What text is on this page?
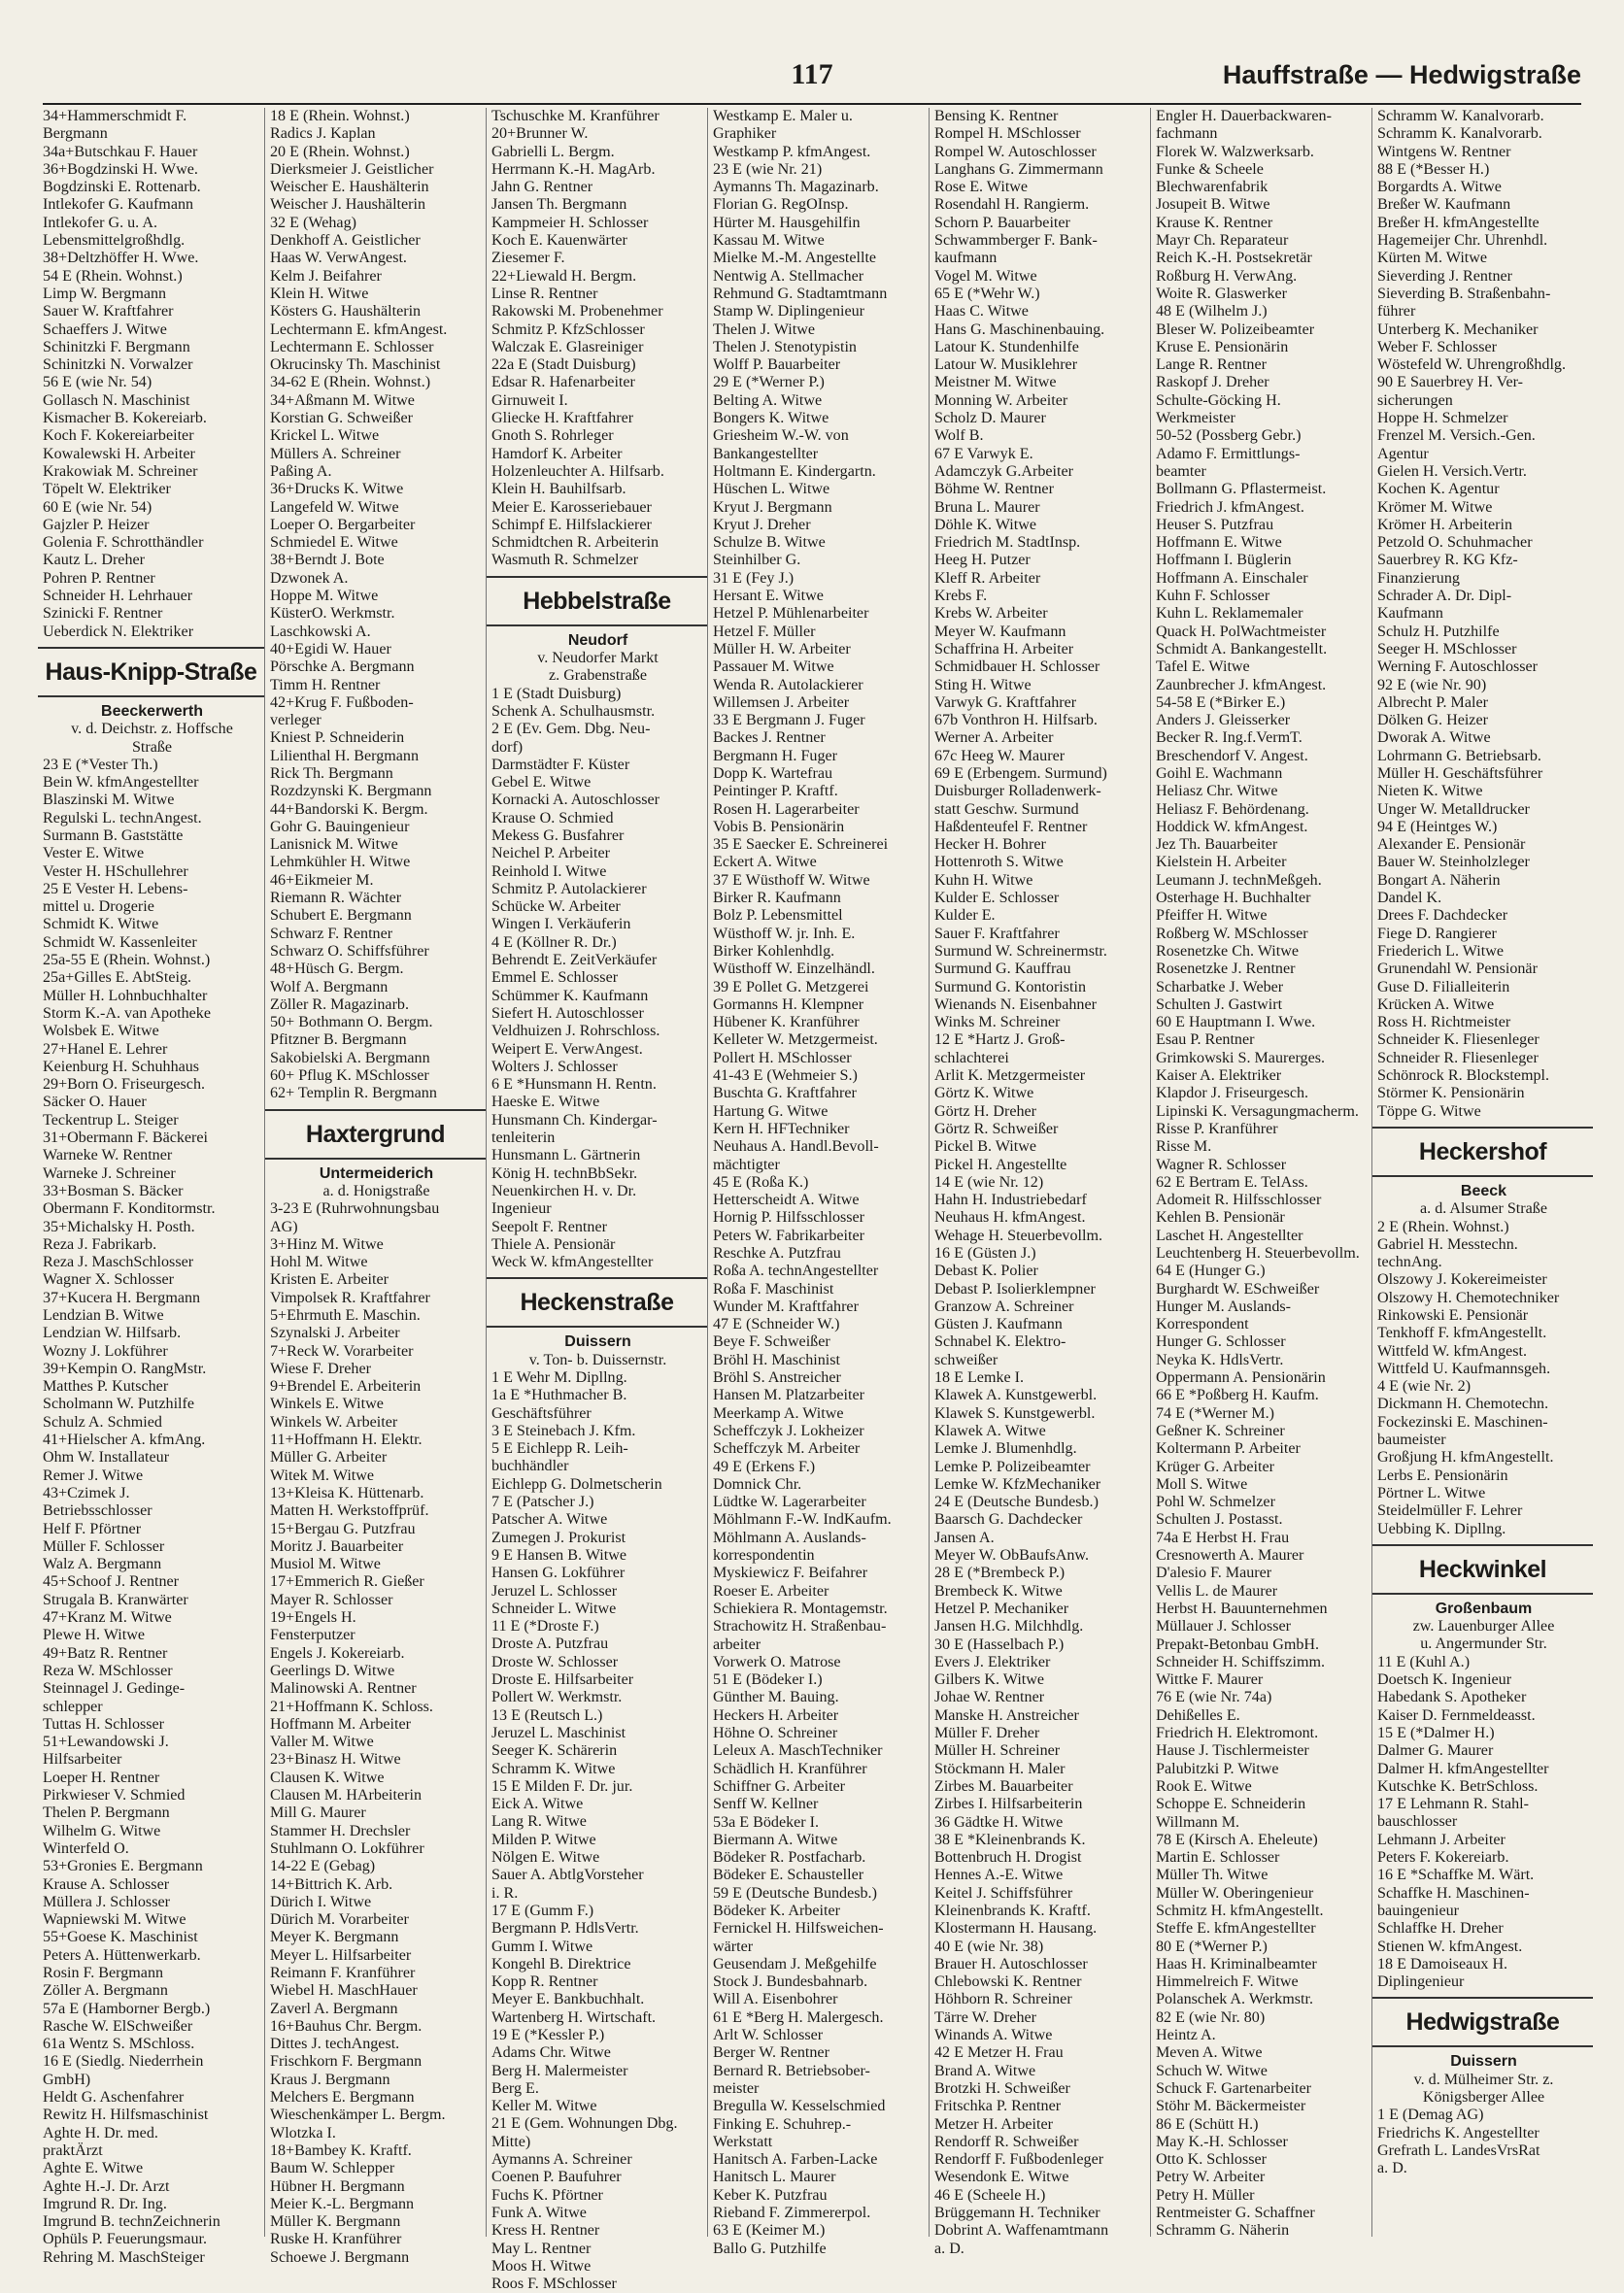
117	Hauffstraße — Hedwigstraße
34+Hammerschmidt F.
Bergmann
34a+Butschkau F. Hauer
36+Bogdzinski H. Wwe.
Bogdzinski E. Rottenarb.
Intlekofer G. Kaufmann
Intlekofer G. u. A.
Lebensmittelgroßhdlg.
38+Deltzhöffer H. Wwe.
54 E (Rhein. Wohnst.)
Limp W. Bergmann
Sauer W. Kraftfahrer
Schaeffers J. Witwe
Schinitzki F. Bergmann
Schinitzki N. Vorwalzer
56 E (wie Nr. 54)
Gollasch N. Maschinist
Kismacher B. Kokereiarb.
Koch F. Kokereiarbeiter
Kowalewski H. Arbeiter
Krakowiak M. Schreiner
Töpelt W. Elektriker
60 E (wie Nr. 54)
Gajzler P. Heizer
Golenia F. Schrotthändler
Kautz L. Dreher
Pohren P. Rentner
Schneider H. Lehrhauer
Szinicki F. Rentner
Ueberdick N. Elektriker
Haus-Knipp-Straße
Beeckerwerth
v. d. Deichstr. z. Hoffsche
Straße
23 E (*Vester Th.)
Bein W. kfmAngestellter
Blaszinski M. Witwe
Regulski L. technAngest.
Surmann B. Gaststätte
Vester E. Witwe
Vester H. HSchullehrer
25 E Vester H. Lebens-
mittel u. Drogerie
Schmidt K. Witwe
Schmidt W. Kassenleiter
25a-55 E (Rhein. Wohnst.)
25a+Gilles E. AbtSteig.
Müller H. Lohnbuchhalter
Storm K.-A. van Apotheke
Wolsbek E. Witwe
27+Hanel E. Lehrer
Keienburg H. Schuhhaus
29+Born O. Friseurgesch.
Säcker O. Hauer
Teckentrup L. Steiger
31+Obermann F. Bäckerei
Warneke W. Rentner
Warneke J. Schreiner
33+Bosman S. Bäcker
Obermann F. Konditormstr.
35+Michalsky H. Posth.
Reza J. Fabrikarb.
Reza J. MaschSchlosser
Wagner X. Schlosser
37+Kucera H. Bergmann
Lendzian B. Witwe
Lendzian W. Hilfsarb.
Wozny J. Lokführer
39+Kempin O. RangMstr.
Matthes P. Kutscher
Scholmann W. Putzhilfe
Schulz A. Schmied
41+Hielscher A. kfmAng.
Ohm W. Installateur
Remer J. Witwe
43+Czimek J.
Betriebsschlosser
Helf F. Pförtner
Müller F. Schlosser
Walz A. Bergmann
45+Schoof J. Rentner
Strugala B. Kranwärter
47+Kranz M. Witwe
Plewe H. Witwe
49+Batz R. Rentner
Reza W. MSchlosser
Steinnagel J. Gedinge-
schlepper
Tuttas H. Schlosser
51+Lewandowski J.
Hilfsarbeiter
Loeper H. Rentner
Pirkwieser V. Schmied
Thelen P. Bergmann
Wilhelm G. Witwe
Winterfeld O.
53+Gronies E. Bergmann
Krause A. Schlosser
Müllera J. Schlosser
Wapniewski M. Witwe
55+Goese K. Maschinist
Peters A. Hüttenwerkarb.
Rosin F. Bergmann
Zöller A. Bergmann
57a E (Hamborner Bergb.)
Rasche W. ElSchweißer
61a Wentz S. MSchloss.
16 E (Siedlg. Niederrhein
GmbH)
Heldt G. Aschenfahrer
Rewitz H. Hilfsmaschinist
Aghte H. Dr. med.
praktÄrzt
Aghte E. Witwe
Aghte H.-J. Dr. Arzt
Imgrund R. Dr. Ing.
Imgrund B. technZeichnerin
Ophüls P. Feuerungsmaur.
Rehring M. MaschSteiger
18 E (Rhein. Wohnst.)
Radics J. Kaplan
20 E (Rhein. Wohnst.)
Dierksmeier J. Geistlicher
Weischer E. Haushälterin
Weischer J. Haushälterin
32 E (Wehag)
Denkhoff A. Geistlicher
Haas W. VerwAngest.
Kelm J. Beifahrer
Klein H. Witwe
Kösters G. Haushälterin
Lechtermann E. kfmAngest.
Lechtermann E. Schlosser
Okrucinsky Th. Maschinist
34-62 E (Rhein. Wohnst.)
34+Aßmann M. Witwe
Korstian G. Schweißer
Krickel L. Witwe
Müllers A. Schreiner
Paßing A.
36+Drucks K. Witwe
Langefeld W. Witwe
Loeper O. Bergarbeiter
Schmiedel E. Witwe
38+Berndt J. Bote
Dzwonek A.
Hoppe M. Witwe
KüsterO. Werkmstr.
Laschkowski A.
40+Egidi W. Hauer
Pörschke A. Bergmann
Timm H. Rentner
42+Krug F. Fußboden-
verleger
Kniest P. Schneiderin
Lilienthal H. Bergmann
Rick Th. Bergmann
Rozdzynski K. Bergmann
44+Bandorski K. Bergm.
Gohr G. Bauingenieur
Lanisnick M. Witwe
Lehmkühler H. Witwe
46+Eikmeier M.
Riemann R. Wächter
Schubert E. Bergmann
Schwarz F. Rentner
Schwarz O. Schiffsführer
48+Hüsch G. Bergm.
Wolf A. Bergmann
Zöller R. Magazinarb.
50+ Bothmann O. Bergm.
Pfitzner B. Bergmann
Sakobielski A. Bergmann
60+ Pflug K. MSchlosser
62+ Templin R. Bergmann
Haxtergrund
Untermeiderich
a. d. Honigstraße
3-23 E (Ruhrwohnungsbau
AG)
3+Hinz M. Witwe
Hohl M. Witwe
Kristen E. Arbeiter
Vimpolsek R. Kraftfahrer
5+Ehrmuth E. Maschin.
Szynalski J. Arbeiter
7+Reck W. Vorarbeiter
Wiese F. Dreher
9+Brendel E. Arbeiterin
Winkels E. Witwe
Winkels W. Arbeiter
11+Hoffmann H. Elektr.
Müller G. Arbeiter
Witek M. Witwe
13+Kleisa K. Hüttenarb.
Matten H. Werkstoffprüf.
15+Bergau G. Putzfrau
Moritz J. Bauarbeiter
Musiol M. Witwe
17+Emmerich R. Gießer
Mayer R. Schlosser
19+Engels H.
Fensterputzer
Engels J. Kokereiarb.
Geerlings D. Witwe
Malinowski A. Rentner
21+Hoffmann K. Schloss.
Hoffmann M. Arbeiter
Valler M. Witwe
23+Binasz H. Witwe
Clausen K. Witwe
Clausen M. HArbeiterin
Mill G. Maurer
Stammer H. Drechsler
Stuhlmann O. Lokführer
14-22 E (Gebag)
14+Bittrich K. Arb.
Dürich I. Witwe
Dürich M. Vorarbeiter
Meyer K. Bergmann
Meyer L. Hilfsarbeiter
Reimann F. Kranführer
Wiebel H. MaschHauer
Zaverl A. Bergmann
16+Bauhus Chr. Bergm.
Dittes J. techAngest.
Frischkorn F. Bergmann
Kraus J. Bergmann
Melchers E. Bergmann
Wieschenkämper L. Bergm.
Wlotzka I.
18+Bambey K. Kraftf.
Baum W. Schlepper
Hübner H. Bergmann
Meier K.-L. Bergmann
Müller K. Bergmann
Ruske H. Kranführer
Schoewe J. Bergmann
Tschuschke M. Kranführer
20+Brunner W.
Gabrielli L. Bergm.
Herrmann K.-H. MagArb.
Jahn G. Rentner
Jansen Th. Bergmann
Kampmeier H. Schlosser
Koch E. Kauenwärter
Ziesemer F.
22+Liewald H. Bergm.
Linse R. Rentner
Rakowski M. Probenehmer
Schmitz P. KfzSchlosser
Walczak E. Glasreiniger
22a E (Stadt Duisburg)
Edsar R. Hafenarbeiter
Girnuweit I.
Gliecke H. Kraftfahrer
Gnoth S. Rohrleger
Hamdorf K. Arbeiter
Holzenleuchter A. Hilfsarb.
Klein H. Bauhilfsarb.
Meier E. Karosseriebauer
Schimpf E. Hilfslackierer
Schmidtchen R. Arbeiterin
Wasmuth R. Schmelzer
Hebbelstraße
Neudorf
v. Neudorfer Markt
z. Grabenstraße
1 E (Stadt Duisburg)
Schenk A. Schulhausmstr.
2 E (Ev. Gem. Dbg. Neu-
dorf)
Darmstädter F. Küster
Gebel E. Witwe
Kornacki A. Autoschlosser
Krause O. Schmied
Mekess G. Busfahrer
Neichel P. Arbeiter
Reinhold I. Witwe
Schmitz P. Autolackierer
Schücke W. Arbeiter
Wingen I. Verkäuferin
4 E (Köllner R. Dr.)
Behrendt E. ZeitVerkäufer
Emmel E. Schlosser
Schümmer K. Kaufmann
Siefert H. Autoschlosser
Veldhuizen J. Rohrschloss.
Weipert E. VerwAngest.
Wolters J. Schlosser
6 E *Hunsmann H. Rentn.
Haeske E. Witwe
Hunsmann Ch. Kindergar-
tenleiterin
Hunsmann L. Gärtnerin
König H. technBbSekr.
Neuenkirchen H. v. Dr.
Ingenieur
Seepolt F. Rentner
Thiele A. Pensionär
Weck W. kfmAngestellter
Heckenstraße
Duissern
v. Ton- b. Duissernstr.
1 E Wehr M. Dipllng.
1a E *Huthmacher B.
Geschäftsführer
3 E Steinebach J. Kfm.
5 E Eichlepp R. Leih-
buchhändler
Eichlepp G. Dolmetscherin
7 E (Patscher J.)
Patscher A. Witwe
Zumegen J. Prokurist
9 E Hansen B. Witwe
Hansen G. Lokführer
Jeruzel L. Schlosser
Schneider L. Witwe
11 E (*Droste F.)
Droste A. Putzfrau
Droste W. Schlosser
Droste E. Hilfsarbeiter
Pollert W. Werkmstr.
13 E (Reutsch L.)
Jeruzel L. Maschinist
Seeger K. Schärerin
Schramm K. Witwe
15 E Milden F. Dr. jur.
Eick A. Witwe
Lang R. Witwe
Milden P. Witwe
Nölgen E. Witwe
Sauer A. AbtlgVorsteher
i. R.
17 E (Gumm F.)
Bergmann P. HdlsVertr.
Gumm I. Witwe
Kongehl B. Direktrice
Kopp R. Rentner
Meyer E. Bankbuchhalt.
Wartenberg H. Wirtschaft.
19 E (*Kessler P.)
Adams Chr. Witwe
Berg H. Malermeister
Berg E.
Keller M. Witwe
21 E (Gem. Wohnungen Dbg.
Mitte)
Aymanns A. Schreiner
Coenen P. Baufuhrer
Fuchs K. Pförtner
Funk A. Witwe
Kress H. Rentner
May L. Rentner
Moos H. Witwe
Roos F. MSchlosser
Westkamp E. Maler u.
Graphiker
Westkamp P. kfmAngest.
23 E (wie Nr. 21)
Aymanns Th. Magazinarb.
Florian G. RegOInsp.
Hürter M. Hausgehilfin
Kassau M. Witwe
Mielke M.-M. Angestellte
Nentwig A. Stellmacher
Rehmund G. Stadtamtmann
Stamp W. Diplingenieur
Thelen J. Witwe
Thelen J. Stenotypistin
Wolff P. Bauarbeiter
29 E (*Werner P.)
Belting A. Witwe
Bongers K. Witwe
Griesheim W.-W. von
Bankangestellter
Holtmann E. Kindergartn.
Hüschen L. Witwe
Kryut J. Bergmann
Kryut J. Dreher
Schulze B. Witwe
Steinhilber G.
31 E (Fey J.)
Hersant E. Witwe
Hetzel P. Mühlenarbeiter
Hetzel F. Müller
Müller H. W. Arbeiter
Passauer M. Witwe
Wenda R. Autolackierer
Willemsen J. Arbeiter
33 E Bergmann J. Fuger
Backes J. Rentner
Bergmann H. Fuger
Dopp K. Wartefrau
Peintinger P. Kraftf.
Rosen H. Lagerarbeiter
Vobis B. Pensionärin
35 E Saecker E. Schreinerei
Eckert A. Witwe
37 E Wüsthoff W. Witwe
Birker R. Kaufmann
Bolz P. Lebensmittel
Wüsthoff W. jr. Inh. E.
Birker Kohlenhdlg.
Wüsthoff W. Einzelhändl.
39 E Pollet G. Metzgerei
Gormanns H. Klempner
Hübener K. Kranführer
Kelleter W. Metzgermeist.
Pollert H. MSchlosser
41-43 E (Wehmeier S.)
Buschta G. Kraftfahrer
Hartung G. Witwe
Kern H. HFTechniker
Neuhaus A. Handl.Bevoll-
mächtigter
45 E (Roßa K.)
Hetterscheidt A. Witwe
Hornig P. Hilfsschlosser
Peters W. Fabrikarbeiter
Reschke A. Putzfrau
Roßa A. technAngestellter
Roßa F. Maschinist
Wunder M. Kraftfahrer
47 E (Schneider W.)
Beye F. Schweißer
Bröhl H. Maschinist
Bröhl S. Anstreicher
Hansen M. Platzarbeiter
Meerkamp A. Witwe
Scheffczyk J. Lokheizer
Scheffczyk M. Arbeiter
49 E (Erkens F.)
Domnick Chr.
Lüdtke W. Lagerarbeiter
Möhlmann F.-W. IndKaufm.
Möhlmann A. Auslands-
korrespondentin
Myskiewicz F. Beifahrer
Roeser E. Arbeiter
Schiekiera R. Montagemstr.
Strachowitz H. Straßenbau-
arbeiter
Vorwerk O. Matrose
51 E (Bödeker I.)
Günther M. Bauing.
Heckers H. Arbeiter
Höhne O. Schreiner
Leleux A. MaschTechniker
Schädlich H. Kranführer
Schiffner G. Arbeiter
Senff W. Kellner
53a E Bödeker I.
Biermann A. Witwe
Bödeker R. Postfacharb.
Bödeker E. Schausteller
59 E (Deutsche Bundesb.)
Bödeker K. Arbeiter
Fernickel H. Hilfsweichen-
wärter
Geusendam J. Meßgehilfe
Stock J. Bundesbahnarb.
Will A. Eisenbohrer
61 E *Berg H. Malergesch.
Arlt W. Schlosser
Berger W. Rentner
Bernard R. Betriebsober-
meister
Bregulla W. Kesselschmied
Finking E. Schuhrep.-
Werkstatt
Hanitsch A. Farben-Lacke
Hanitsch L. Maurer
Keber K. Putzfrau
Rieband F. Zimmererpol.
63 E (Keimer M.)
Ballo G. Putzhilfe
Bensing K. Rentner
Rompel H. MSchlosser
Rompel W. Autoschlosser
Langhans G. Zimmermann
Rose E. Witwe
Rosendahl H. Rangierm.
Schorn P. Bauarbeiter
Schwammberger F. Bank-
kaufmann
Vogel M. Witwe
65 E (*Wehr W.)
Haas C. Witwe
Hans G. Maschinenbauing.
Latour K. Stundenhilfe
Latour W. Musiklehrer
Meistner M. Witwe
Monning W. Arbeiter
Scholz D. Maurer
Wolf B.
67 E Varwyk E.
Adamczyk G.Arbeiter
Böhme W. Rentner
Bruna L. Maurer
Döhle K. Witwe
Friedrich M. StadtInsp.
Heeg H. Putzer
Kleff R. Arbeiter
Krebs F.
Krebs W. Arbeiter
Meyer W. Kaufmann
Schaffrina H. Arbeiter
Schmidbauer H. Schlosser
Sting H. Witwe
Varwyk G. Kraftfahrer
67b Vonthron H. Hilfsarb.
Werner A. Arbeiter
67c Heeg W. Maurer
69 E (Erbengem. Surmund)
Duisburger Rolladenwerk-
statt Geschw. Surmund
Haßdenteufel F. Rentner
Hecker H. Bohrer
Hottenroth S. Witwe
Kuhn H. Witwe
Kulder E. Schlosser
Kulder E.
Sauer F. Kraftfahrer
Surmund W. Schreinermstr.
Surmund G. Kauffrau
Surmund G. Kontoristin
Wienands N. Eisenbahner
Winks M. Schreiner
12 E *Hartz J. Groß-
schlachterei
Arlit K. Metzgermeister
Görtz K. Witwe
Görtz H. Dreher
Görtz R. Schweißer
Pickel B. Witwe
Pickel H. Angestellte
14 E (wie Nr. 12)
Hahn H. Industriebedarf
Neuhaus H. kfmAngest.
Wehage H. Steuerbevollm.
16 E (Güsten J.)
Debast K. Polier
Debast P. Isolierklempner
Granzow A. Schreiner
Güsten J. Kaufmann
Schnabel K. Elektro-
schweißer
18 E Lemke I.
Klawek A. Kunstgewerbl.
Klawek S. Kunstgewerbl.
Klawek A. Witwe
Lemke J. Blumenhdlg.
Lemke P. Polizeibeamter
Lemke W. KfzMechaniker
24 E (Deutsche Bundesb.)
Baarsch G. Dachdecker
Jansen A.
Meyer W. ObBaufsAnw.
28 E (*Brembeck P.)
Brembeck K. Witwe
Hetzel P. Mechaniker
Jansen H.G. Milchhdlg.
30 E (Hasselbach P.)
Evers J. Elektriker
Gilbers K. Witwe
Johae W. Rentner
Manske H. Anstreicher
Müller F. Dreher
Müller H. Schreiner
Stöckmann H. Maler
Zirbes M. Bauarbeiter
Zirbes I. Hilfsarbeiterin
36 Gädtke H. Witwe
38 E *Kleinenbrands K.
Bottenbruch H. Drogist
Hennes A.-E. Witwe
Keitel J. Schiffsführer
Kleinenbrands K. Kraftf.
Klostermann H. Hausang.
40 E (wie Nr. 38)
Brauer H. Autoschlosser
Chlebowski K. Rentner
Höhborn R. Schreiner
Tärre W. Dreher
Winands A. Witwe
42 E Metzer H. Frau
Brand A. Witwe
Brotzki H. Schweißer
Fritschka P. Rentner
Metzer H. Arbeiter
Rendorff R. Schweißer
Rendorff F. Fußbodenleger
Wesendonk E. Witwe
46 E (Scheele H.)
Brüggemann H. Techniker
Dobrint A. Waffenamtmann
a. D.
Engler H. Dauerbackwaren-
fachmann
Florek W. Walzwerksarb.
Funke & Scheele
Blechwarenfabrik
Josupeit B. Witwe
Krause K. Rentner
Mayr Ch. Reparateur
Reich K.-H. Postsekretär
Roßburg H. VerwAng.
Woite R. Glaswerker
48 E (Wilhelm J.)
Bleser W. Polizeibeamter
Kruse E. Pensionärin
Lange R. Rentner
Raskopf J. Dreher
Schulte-Göcking H.
Werkmeister
50-52 (Possberg Gebr.)
Adamo F. Ermittlungs-
beamter
Bollmann G. Pflastermeist.
Friedrich J. kfmAngest.
Heuser S. Putzfrau
Hoffmann E. Witwe
Hoffmann I. Büglerin
Hoffmann A. Einschaler
Kuhn F. Schlosser
Kuhn L. Reklamemaler
Quack H. PolWachtmeister
Schmidt A. Bankangestellt.
Tafel E. Witwe
Zaunbrecher J. kfmAngest.
54-58 E (*Birker E.)
Anders J. Gleisserker
Becker R. Ing.f.VermT.
Breschendorf V. Angest.
Goihl E. Wachmann
Heliasz Chr. Witwe
Heliasz F. Behördenang.
Hoddick W. kfmAngest.
Jez Th. Bauarbeiter
Kielstein H. Arbeiter
Leumann J. technMeßgeh.
Osterhage H. Buchhalter
Pfeiffer H. Witwe
Roßberg W. MSchlosser
Rosenetzke Ch. Witwe
Rosenetzke J. Rentner
Scharbatke J. Weber
Schulten J. Gastwirt
60 E Hauptmann I. Wwe.
Esau P. Rentner
Grimkowski S. Maurerges.
Kaiser A. Elektriker
Klapdor J. Friseurgesch.
Lipinski K. Versagungmacherm.
Risse P. Kranführer
Risse M.
Wagner R. Schlosser
62 E Bertram E. TelAss.
Adomeit R. Hilfsschlosser
Kehlen B. Pensionär
Laschet H. Angestellter
Leuchtenberg H. Steuerbevollm.
64 E (Hunger G.)
Burghardt W. ESchweißer
Hunger M. Auslands-
Korrespondent
Hunger G. Schlosser
Neyka K. HdlsVertr.
Oppermann A. Pensionärin
66 E *Poßberg H. Kaufm.
74 E (*Werner M.)
Geßner K. Schreiner
Koltermann P. Arbeiter
Krüger G. Arbeiter
Moll S. Witwe
Pohl W. Schmelzer
Schulten J. Postasst.
74a E Herbst H. Frau
Cresnowerth A. Maurer
D'alesio F. Maurer
Vellis L. de Maurer
Herbst H. Bauunternehmen
Müllauer J. Schlosser
Prepakt-Betonbau GmbH.
Schneider H. Schiffszimm.
Wittke F. Maurer
76 E (wie Nr. 74a)
Dehißelles E.
Friedrich H. Elektromont.
Hause J. Tischlermeister
Palubitzki P. Witwe
Rook E. Witwe
Schoppe E. Schneiderin
Willmann M.
78 E (Kirsch A. Eheleute)
Martin E. Schlosser
Müller Th. Witwe
Müller W. Oberingenieur
Schmitz H. kfmAngestellt.
Steffe E. kfmAngestellter
80 E (*Werner P.)
Haas H. Kriminalbeamter
Himmelreich F. Witwe
Polanschek A. Werkmstr.
82 E (wie Nr. 80)
Heintz A.
Meven A. Witwe
Schuch W. Witwe
Schuck F. Gartenarbeiter
Stöhr M. Bäckermeister
86 E (Schütt H.)
May K.-H. Schlosser
Otto K. Schlosser
Petry W. Arbeiter
Petry H. Müller
Rentmeister G. Schaffner
Schramm G. Näherin
Schramm W. Kanalvorarb.
Schramm K. Kanalvorarb.
Wintgens W. Rentner
88 E (*Besser H.)
Borgardts A. Witwe
Breßer W. Kaufmann
Breßer H. kfmAngestellte
Hagemeijer Chr. Uhrenhdl.
Kürten M. Witwe
Sieverding J. Rentner
Sieverding B. Straßenbahn-
führer
Unterberg K. Mechaniker
Weber F. Schlosser
Wöstefeld W. Uhrengroßhdlg.
90 E Sauerbrey H. Ver-
sicherungen
Hoppe H. Schmelzer
Frenzel M. Versich.-Gen.
Agentur
Gielen H. Versich.Vertr.
Kochen K. Agentur
Krömer M. Witwe
Krömer H. Arbeiterin
Petzold O. Schuhmacher
Sauerbrey R. KG Kfz-
Finanzierung
Schrader A. Dr. Dipl-
Kaufmann
Schulz H. Putzhilfe
Seeger H. MSchlosser
Werning F. Autoschlosser
92 E (wie Nr. 90)
Albrecht P. Maler
Dölken G. Heizer
Dworak A. Witwe
Lohrmann G. Betriebsarb.
Müller H. Geschäftsführer
Nieten K. Witwe
Unger W. Metalldrucker
94 E (Heintges W.)
Alexander E. Pensionär
Bauer W. Steinholzleger
Bongart A. Näherin
Dandel K.
Drees F. Dachdecker
Fiege D. Rangierer
Friederich L. Witwe
Grunendahl W. Pensionär
Guse D. Filialleiterin
Krücken A. Witwe
Ross H. Richtmeister
Schneider K. Fliesenleger
Schneider R. Fliesenleger
Schönrock R. Blockstempl.
Störmer K. Pensionärin
Töppe G. Witwe
Heckershof
Beeck
a. d. Alsumer Straße
2 E (Rhein. Wohnst.)
Gabriel H. Messtechn.
technAng.
Olszowy J. Kokereimeister
Olszowy H. Chemotechniker
Rinkowski E. Pensionär
Tenkhoff F. kfmAngestellt.
Wittfeld W. kfmAngest.
Wittfeld U. Kaufmannsgeh.
4 E (wie Nr. 2)
Dickmann H. Chemotechn.
Fockezinski E. Maschinen-
baumeister
Großjung H. kfmAngestellt.
Lerbs E. Pensionärin
Pörtner L. Witwe
Steidelmüller F. Lehrer
Uebbing K. Dipllng.
Heckwinkel
Großenbaum
zw. Lauenburger Allee
u. Angermunder Str.
11 E (Kuhl A.)
Doetsch K. Ingenieur
Habedank S. Apotheker
Kaiser D. Fernmeldeasst.
15 E (*Dalmer H.)
Dalmer G. Maurer
Dalmer H. kfmAngestellter
Kutschke K. BetrSchloss.
17 E Lehmann R. Stahl-
bauschlosser
Lehmann J. Arbeiter
Peters F. Kokereiarb.
16 E *Schaffke M. Wärt.
Schaffke H. Maschinen-
bauingenieur
Schlaffke H. Dreher
Stienen W. kfmAngest.
18 E Damoiseaux H.
Diplingenieur
Hedwigstraße
Duissern
v. d. Mülheimer Str. z.
Königsberger Allee
1 E (Demag AG)
Friedrichs K. Angestellter
Grefrath L. LandesVrsRat
a. D.
